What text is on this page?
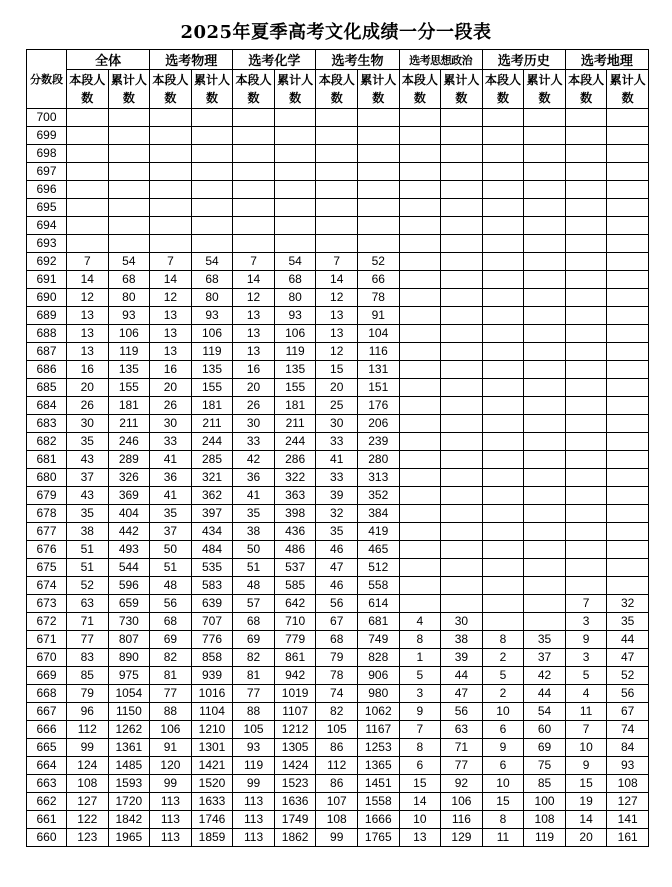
2025年夏季高考文化成绩一分一段表
分数段	全体		选考物理		选考化学		选考生物		选考思想政治		选考历史		选考地理	
	本段人数	累计人数	本段人数	累计人数	本段人数	累计人数	本段人数	累计人数	本段人数	累计人数	本段人数	累计人数	本段人数	累计人数
700														
699														
698														
697														
696														
695														
694														
693														
692	7	54	7	54	7	54	7	52						
691	14	68	14	68	14	68	14	66						
690	12	80	12	80	12	80	12	78						
689	13	93	13	93	13	93	13	91						
688	13	106	13	106	13	106	13	104						
687	13	119	13	119	13	119	12	116						
686	16	135	16	135	16	135	15	131						
685	20	155	20	155	20	155	20	151						
684	26	181	26	181	26	181	25	176						
683	30	211	30	211	30	211	30	206						
682	35	246	33	244	33	244	33	239						
681	43	289	41	285	42	286	41	280						
680	37	326	36	321	36	322	33	313						
679	43	369	41	362	41	363	39	352						
678	35	404	35	397	35	398	32	384						
677	38	442	37	434	38	436	35	419						
676	51	493	50	484	50	486	46	465						
675	51	544	51	535	51	537	47	512						
674	52	596	48	583	48	585	46	558						
673	63	659	56	639	57	642	56	614					7	32
672	71	730	68	707	68	710	67	681	4	30			3	35
671	77	807	69	776	69	779	68	749	8	38	8	35	9	44
670	83	890	82	858	82	861	79	828	1	39	2	37	3	47
669	85	975	81	939	81	942	78	906	5	44	5	42	5	52
668	79	1054	77	1016	77	1019	74	980	3	47	2	44	4	56
667	96	1150	88	1104	88	1107	82	1062	9	56	10	54	11	67
666	112	1262	106	1210	105	1212	105	1167	7	63	6	60	7	74
665	99	1361	91	1301	93	1305	86	1253	8	71	9	69	10	84
664	124	1485	120	1421	119	1424	112	1365	6	77	6	75	9	93
663	108	1593	99	1520	99	1523	86	1451	15	92	10	85	15	108
662	127	1720	113	1633	113	1636	107	1558	14	106	15	100	19	127
661	122	1842	113	1746	113	1749	108	1666	10	116	8	108	14	141
660	123	1965	113	1859	113	1862	99	1765	13	129	11	119	20	161
